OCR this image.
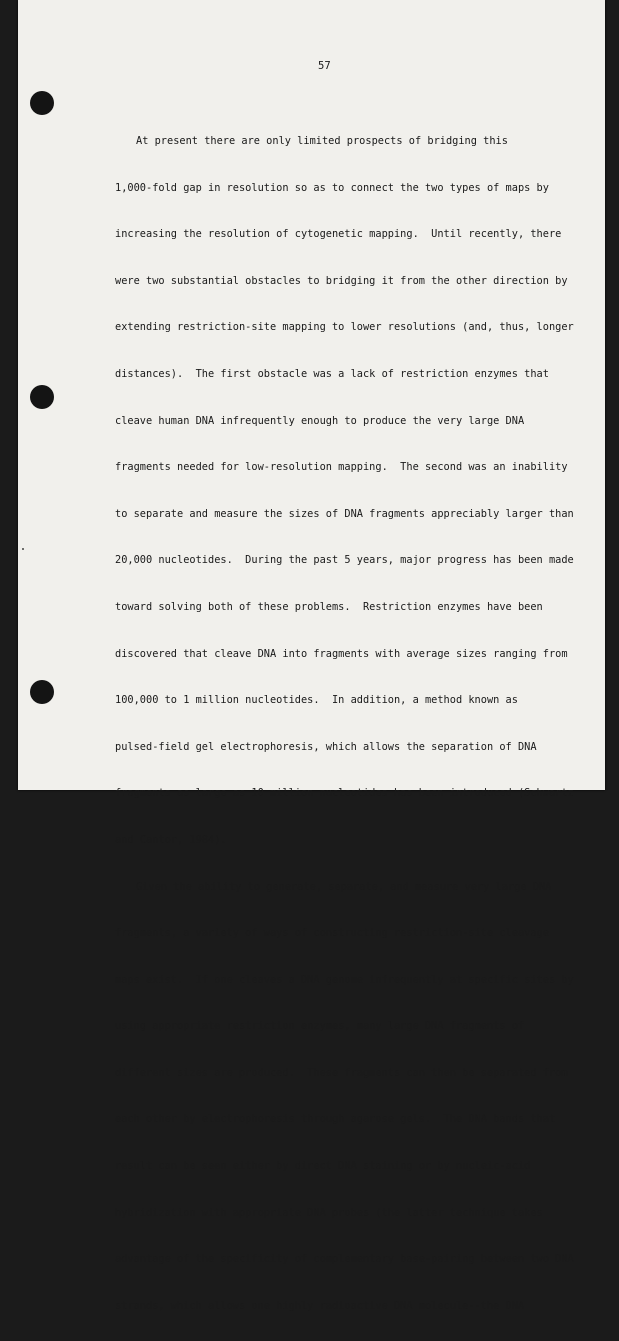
57

At present there are only limited prospects of bridging this

1,000-fold gap in resolution so as to connect the two types of maps by

increasing the resolution of cytogenetic mapping.  Until recently, there

were two substantial obstacles to bridging it from the other direction by

extending restriction-site mapping to lower resolutions (and, thus, longer

distances).  The first obstacle was a lack of restriction enzymes that

cleave human DNA infrequently enough to produce the very large DNA

fragments needed for low-resolution mapping.  The second was an inability

to separate and measure the sizes of DNA fragments appreciably larger than

20,000 nucleotides.  During the past 5 years, major progress has been made

toward solving both of these problems.  Restriction enzymes have been

discovered that cleave DNA into fragments with average sizes ranging from

100,000 to 1 million nucleotides.  In addition, a method known as

pulsed-field gel electrophoresis, which allows the separation of DNA

fragments as large as 10 million nucleotides has been introduced (Schwartz

and Cantor, 1984).

Given the ability to generate, separate, and measure very large DNA

fragments, a variety of ways of constructing restriction-site cleavage

maps exist.  If one cleaves a DNA genome infrequently at specific sites by

using appropriate restriction enzymes, many large DNA fragments of

different sizes are produced.  These fragments can then be separated from

each other by electrophoresis through agarose gels.  The DNA bands that

result can be seen either by direct DNA staining or by nucleic-acid

hybridization with appropriate DNA probes (the latter technique takes

advantage of the specificity of complementary base-pairing between two DNA

strands, which allows one highly radioactive DNA molecule--the DNA
